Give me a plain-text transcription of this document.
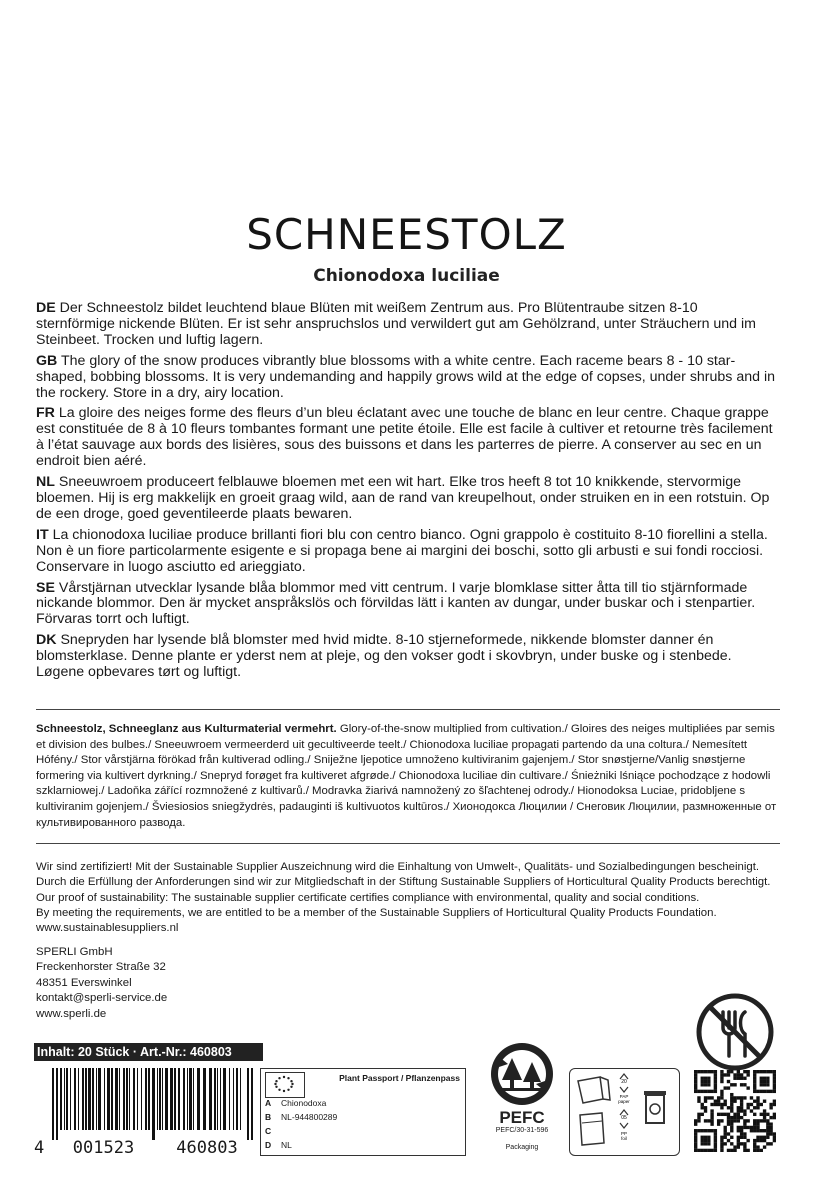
SCHNEESTOLZ
Chionodoxa luciliae

DE Der Schneestolz bildet leuchtend blaue Blüten mit weißem Zentrum aus. Pro Blütentraube sitzen 8-10 sternförmige nickende Blüten. Er ist sehr anspruchslos und verwildert gut am Gehölzrand, unter Sträuchern und im Steinbeet. Trocken und luftig lagern.

GB The glory of the snow produces vibrantly blue blossoms with a white centre. Each raceme bears 8 - 10 star-shaped, bobbing blossoms. It is very undemanding and happily grows wild at the edge of copses, under shrubs and in the rockery. Store in a dry, airy location.

FR La gloire des neiges forme des fleurs d’un bleu éclatant avec une touche de blanc en leur centre. Chaque grappe est constituée de 8 à 10 fleurs tombantes formant une petite étoile. Elle est facile à cultiver et retourne très facilement à l’état sauvage aux bords des lisières, sous des buissons et dans les parterres de pierre. A conserver au sec en un endroit bien aéré.

NL Sneeuwroem produceert felblauwe bloemen met een wit hart. Elke tros heeft 8 tot 10 knikkende, stervormige bloemen. Hij is erg makkelijk en groeit graag wild, aan de rand van kreupelhout, onder struiken en in een rotstuin. Op de een droge, goed geventileerde plaats bewaren.

IT La chionodoxa luciliae produce brillanti fiori blu con centro bianco. Ogni grappolo è costituito 8-10 fiorellini a stella. Non è un fiore particolarmente esigente e si propaga bene ai margini dei boschi, sotto gli arbusti e sui fondi rocciosi. Conservare in luogo asciutto ed arieggiato.

SE Vårstjärnan utvecklar lysande blåa blommor med vitt centrum. I varje blomklase sitter åtta till tio stjärnformade nickande blommor. Den är mycket anspråkslös och förvildas lätt i kanten av dungar, under buskar och i stenpartier. Förvaras torrt och luftigt.

DK Snepryden har lysende blå blomster med hvid midte. 8-10 stjerneformede, nikkende blomster danner én blomsterklase. Denne plante er yderst nem at pleje, og den vokser godt i skovbryn, under buske og i stenbede. Løgene opbevares tørt og luftigt.

Schneestolz, Schneeglanz aus Kulturmaterial vermehrt. Glory-of-the-snow multiplied from cultivation./ Gloires des neiges multipliées par semis et division des bulbes./ Sneeuwroem vermeerderd uit gecultiveerde teelt./ Chionodoxa luciliae propagati partendo da una coltura./ Nemesített Hófény./ Stor vårstjärna förökad från kultiverad odling./ Sniježne ljepotice umnoženo kultiviranim gajenjem./ Stor snøstjerne/Vanlig snøstjerne formering via kultivert dyrkning./ Snepryd forøget fra kultiveret afgrøde./ Chionodoxa luciliae din cultivare./ Śnieżniki lśniące pochodzące z hodowli szklarniowej./ Ladoňka zářící rozmnožené z kultivarů./ Modravka žiarivá namnožený zo šľachtenej odrody./ Hionodoksa Luciae, pridobljene s kultiviranim gojenjem./ Šviesiosios sniegžydrės, padauginti iš kultivuotos kultūros./ Хионодокса Люцилии / Снеговик Люцилии, размноженные от культивированного развода.
Wir sind zertifiziert! Mit der Sustainable Supplier Auszeichnung wird die Einhaltung von Umwelt-, Qualitäts- und Sozialbedingungen bescheinigt.
Durch die Erfüllung der Anforderungen sind wir zur Mitgliedschaft in der Stiftung Sustainable Suppliers of Horticultural Quality Products berechtigt.
Our proof of sustainability: The sustainable supplier certificate certifies compliance with environmental, quality and social conditions.
By meeting the requirements, we are entitled to be a member of the Sustainable Suppliers of Horticultural Quality Products Foundation.
www.sustainablesuppliers.nl
SPERLI GmbH
Freckenhorster Straße 32
48351 Everswinkel
kontakt@sperli-service.de
www.sperli.de
Inhalt: 20 Stück · Art.-Nr.: 460803
4 001523 460803
Plant Passport / Pflanzenpass
A Chionodoxa
B NL-944800289
C
D NL
PEFC
PEFC/30-31-596
Packaging
20
PAP
paper
05
PP
foil
